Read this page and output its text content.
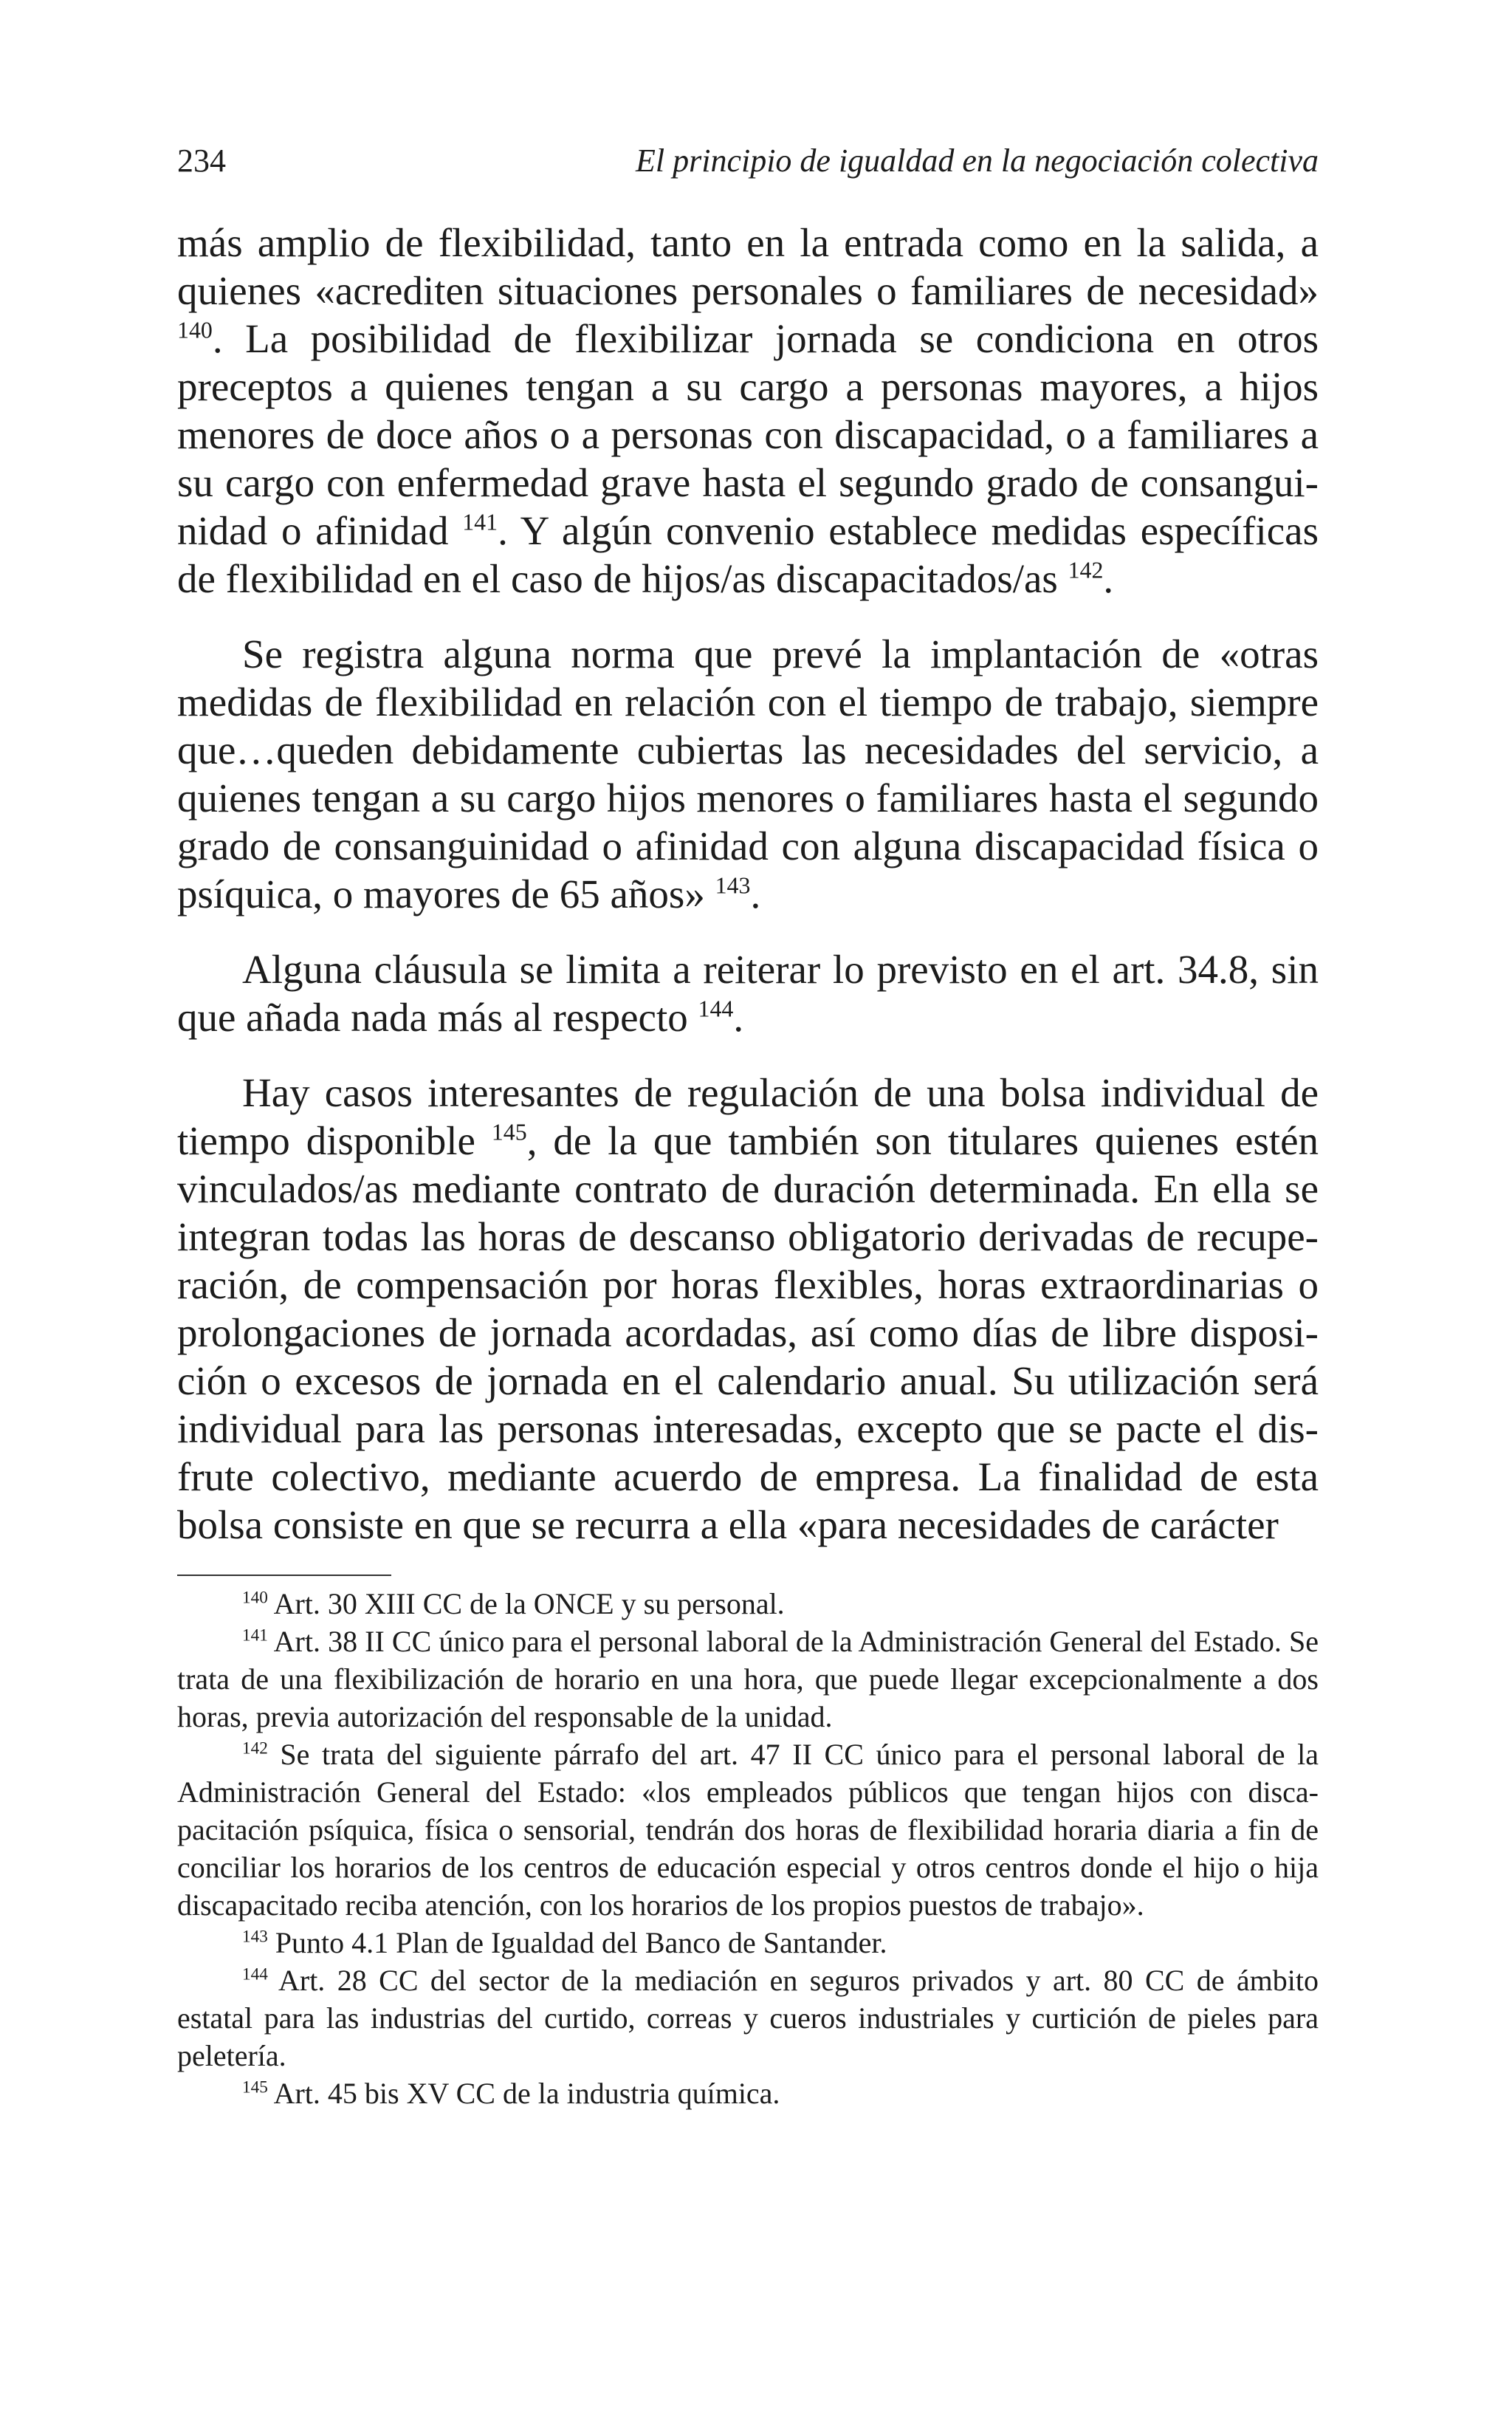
234	El principio de igualdad en la negociación colectiva

más amplio de flexibilidad, tanto en la entrada como en la salida, a quienes «acrediten situaciones personales o familiares de necesidad» $^{140}$. La posibilidad de flexibilizar jornada se condiciona en otros preceptos a quienes tengan a su cargo a personas mayores, a hijos menores de doce años o a personas con discapacidad, o a familiares a su cargo con enfermedad grave hasta el segundo grado de consanguinidad o afinidad $^{141}$. Y algún convenio establece medidas específicas de flexibilidad en el caso de hijos/as discapacitados/as $^{142}$.

Se registra alguna norma que prevé la implantación de «otras medidas de flexibilidad en relación con el tiempo de trabajo, siempre que…queden debidamente cubiertas las necesidades del servicio, a quienes tengan a su cargo hijos menores o familiares hasta el segundo grado de consanguinidad o afinidad con alguna discapacidad física o psíquica, o mayores de 65 años» $^{143}$.

Alguna cláusula se limita a reiterar lo previsto en el art. 34.8, sin que añada nada más al respecto $^{144}$.

Hay casos interesantes de regulación de una bolsa individual de tiempo disponible $^{145}$, de la que también son titulares quienes estén vinculados/as mediante contrato de duración determinada. En ella se integran todas las horas de descanso obligatorio derivadas de recuperación, de compensación por horas flexibles, horas extraordinarias o prolongaciones de jornada acordadas, así como días de libre disposición o excesos de jornada en el calendario anual. Su utilización será individual para las personas interesadas, excepto que se pacte el disfrute colectivo, mediante acuerdo de empresa. La finalidad de esta bolsa consiste en que se recurra a ella «para necesidades de carácter

$^{140}$ Art. 30 XIII CC de la ONCE y su personal.

$^{141}$ Art. 38 II CC único para el personal laboral de la Administración General del Estado. Se trata de una flexibilización de horario en una hora, que puede llegar excepcionalmente a dos horas, previa autorización del responsable de la unidad.

$^{142}$ Se trata del siguiente párrafo del art. 47 II CC único para el personal laboral de la Administración General del Estado: «los empleados públicos que tengan hijos con discapacitación psíquica, física o sensorial, tendrán dos horas de flexibilidad horaria diaria a fin de conciliar los horarios de los centros de educación especial y otros centros donde el hijo o hija discapacitado reciba atención, con los horarios de los propios puestos de trabajo».

$^{143}$ Punto 4.1 Plan de Igualdad del Banco de Santander.

$^{144}$ Art. 28 CC del sector de la mediación en seguros privados y art. 80 CC de ámbito estatal para las industrias del curtido, correas y cueros industriales y curtición de pieles para peletería.

$^{145}$ Art. 45 bis XV CC de la industria química.
